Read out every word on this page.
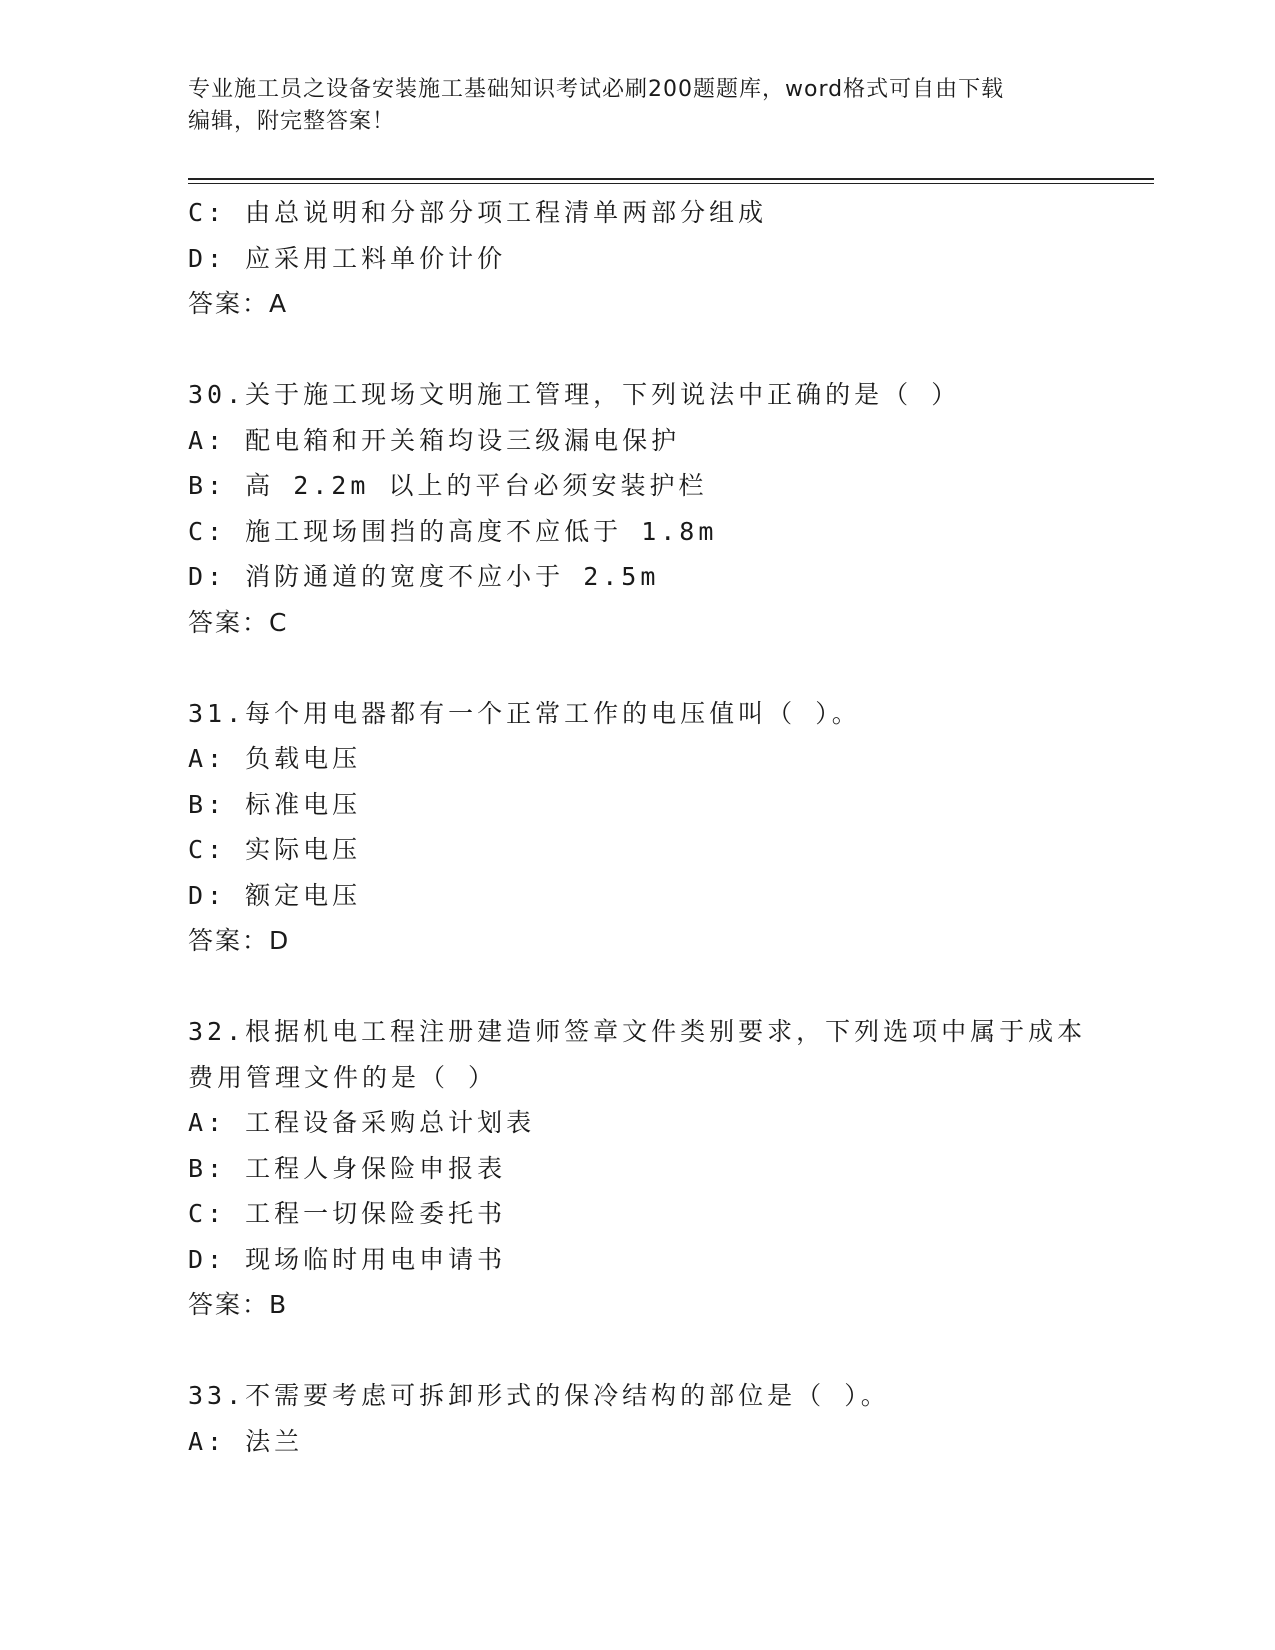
专业施工员之设备安装施工基础知识考试必刷200题题库，word格式可自由下载
编辑，附完整答案！
C: 由总说明和分部分项工程清单两部分组成
D: 应采用工料单价计价
答案：A
30.关于施工现场文明施工管理，下列说法中正确的是（ ）
A: 配电箱和开关箱均设三级漏电保护
B: 高 2.2m 以上的平台必须安装护栏
C: 施工现场围挡的高度不应低于 1.8m
D: 消防通道的宽度不应小于 2.5m
答案：C
31.每个用电器都有一个正常工作的电压值叫（ ）。
A: 负载电压
B: 标准电压
C: 实际电压
D: 额定电压
答案：D
32.根据机电工程注册建造师签章文件类别要求，下列选项中属于成本
费用管理文件的是（ ）
A: 工程设备采购总计划表
B: 工程人身保险申报表
C: 工程一切保险委托书
D: 现场临时用电申请书
答案：B
33.不需要考虑可拆卸形式的保冷结构的部位是（ ）。
A: 法兰
